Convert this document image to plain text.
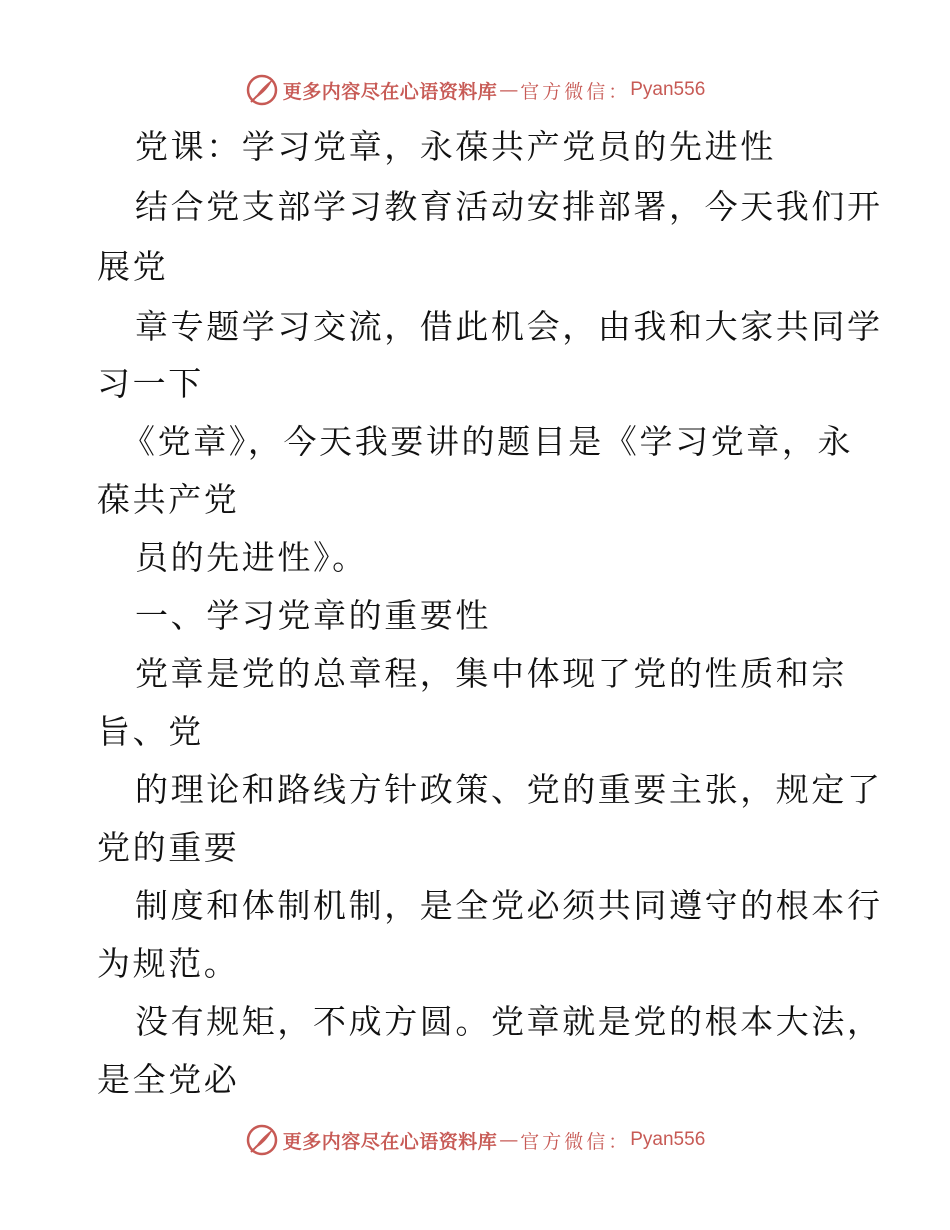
更多内容尽在心语资料库 — 官方微信： Pyan556
党课：学习党章，永葆共产党员的先进性
结合党支部学习教育活动安排部署，今天我们开
展党
章专题学习交流，借此机会，由我和大家共同学
习一下
《党章》，今天我要讲的题目是《学习党章，永
葆共产党
员的先进性》。
一、学习党章的重要性
党章是党的总章程，集中体现了党的性质和宗
旨、党
的理论和路线方针政策、党的重要主张，规定了
党的重要
制度和体制机制，是全党必须共同遵守的根本行
为规范。
没有规矩，不成方圆。党章就是党的根本大法，
是全党必
更多内容尽在心语资料库 — 官方微信： Pyan556
